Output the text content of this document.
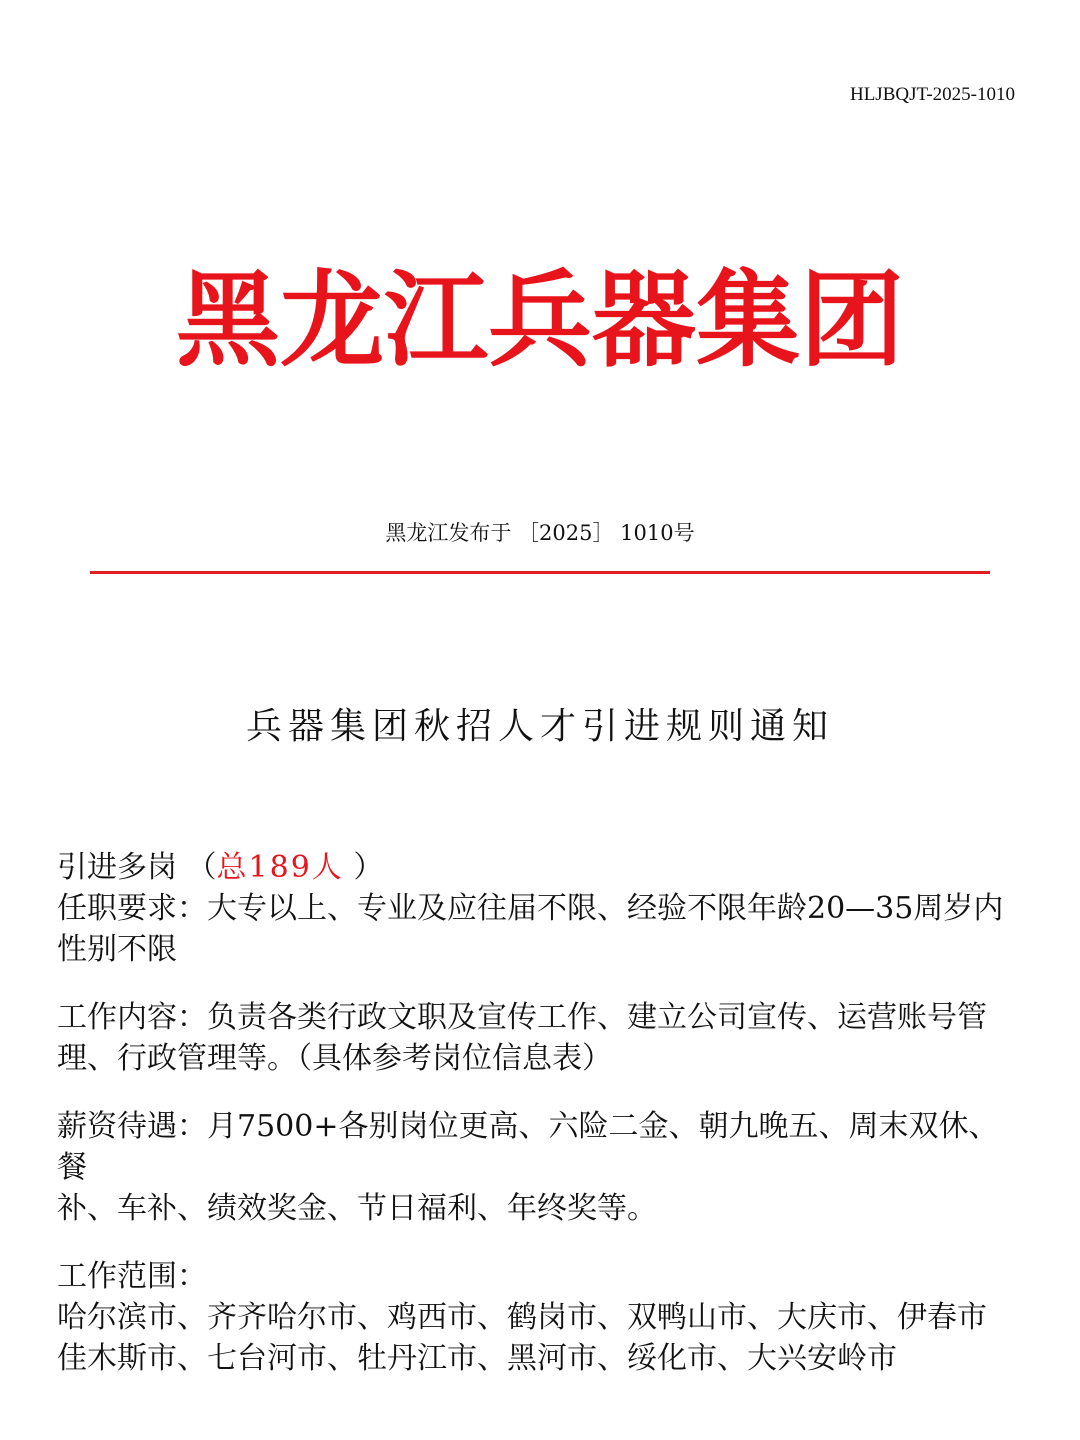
HLJBQJT-2025-1010
黑龙江兵器集团
黑龙江发布于 ［2025］ 1010号
兵器集团秋招人才引进规则通知
引进多岗 （总189人 ）
任职要求：大专以上、专业及应往届不限、经验不限年龄20—35周岁内
性别不限
工作内容：负责各类行政文职及宣传工作、建立公司宣传、运营账号管
理、行政管理等。（具体参考岗位信息表）
薪资待遇：月7500+各别岗位更高、六险二金、朝九晚五、周末双休、餐
补、车补、绩效奖金、节日福利、年终奖等。
工作范围：
哈尔滨市、齐齐哈尔市、鸡西市、鹤岗市、双鸭山市、大庆市、伊春市
佳木斯市、七台河市、牡丹江市、黑河市、绥化市、大兴安岭市
